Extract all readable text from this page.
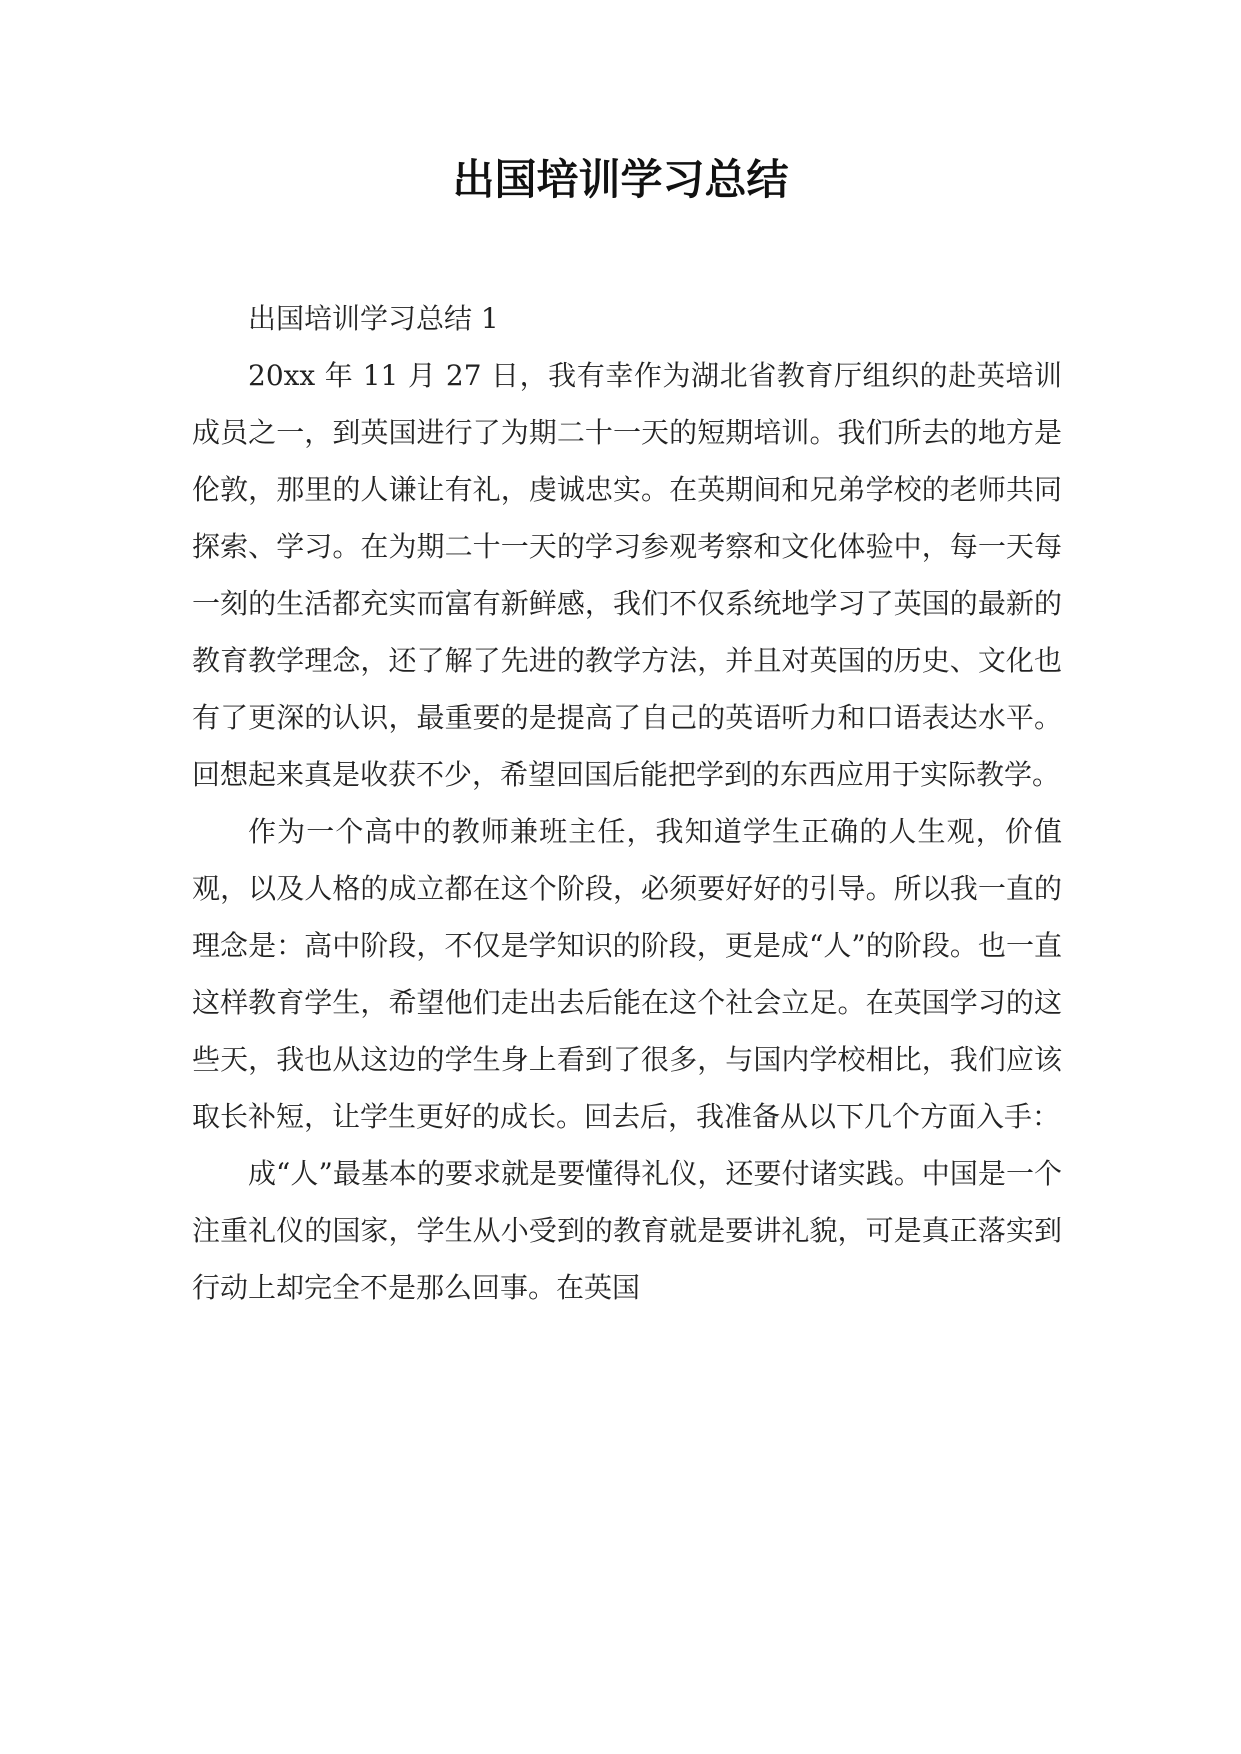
出国培训学习总结

出国培训学习总结 1

20xx 年 11 月 27 日，我有幸作为湖北省教育厅组织的赴英培训成员之一，到英国进行了为期二十一天的短期培训。我们所去的地方是伦敦，那里的人谦让有礼，虔诚忠实。在英期间和兄弟学校的老师共同探索、学习。在为期二十一天的学习参观考察和文化体验中，每一天每一刻的生活都充实而富有新鲜感，我们不仅系统地学习了英国的最新的教育教学理念，还了解了先进的教学方法，并且对英国的历史、文化也有了更深的认识，最重要的是提高了自己的英语听力和口语表达水平。回想起来真是收获不少，希望回国后能把学到的东西应用于实际教学。

作为一个高中的教师兼班主任，我知道学生正确的人生观，价值观，以及人格的成立都在这个阶段，必须要好好的引导。所以我一直的理念是：高中阶段，不仅是学知识的阶段，更是成“人”的阶段。也一直这样教育学生，希望他们走出去后能在这个社会立足。在英国学习的这些天，我也从这边的学生身上看到了很多，与国内学校相比，我们应该取长补短，让学生更好的成长。回去后，我准备从以下几个方面入手：

成“人”最基本的要求就是要懂得礼仪，还要付诸实践。中国是一个注重礼仪的国家，学生从小受到的教育就是要讲礼貌，可是真正落实到行动上却完全不是那么回事。在英国
